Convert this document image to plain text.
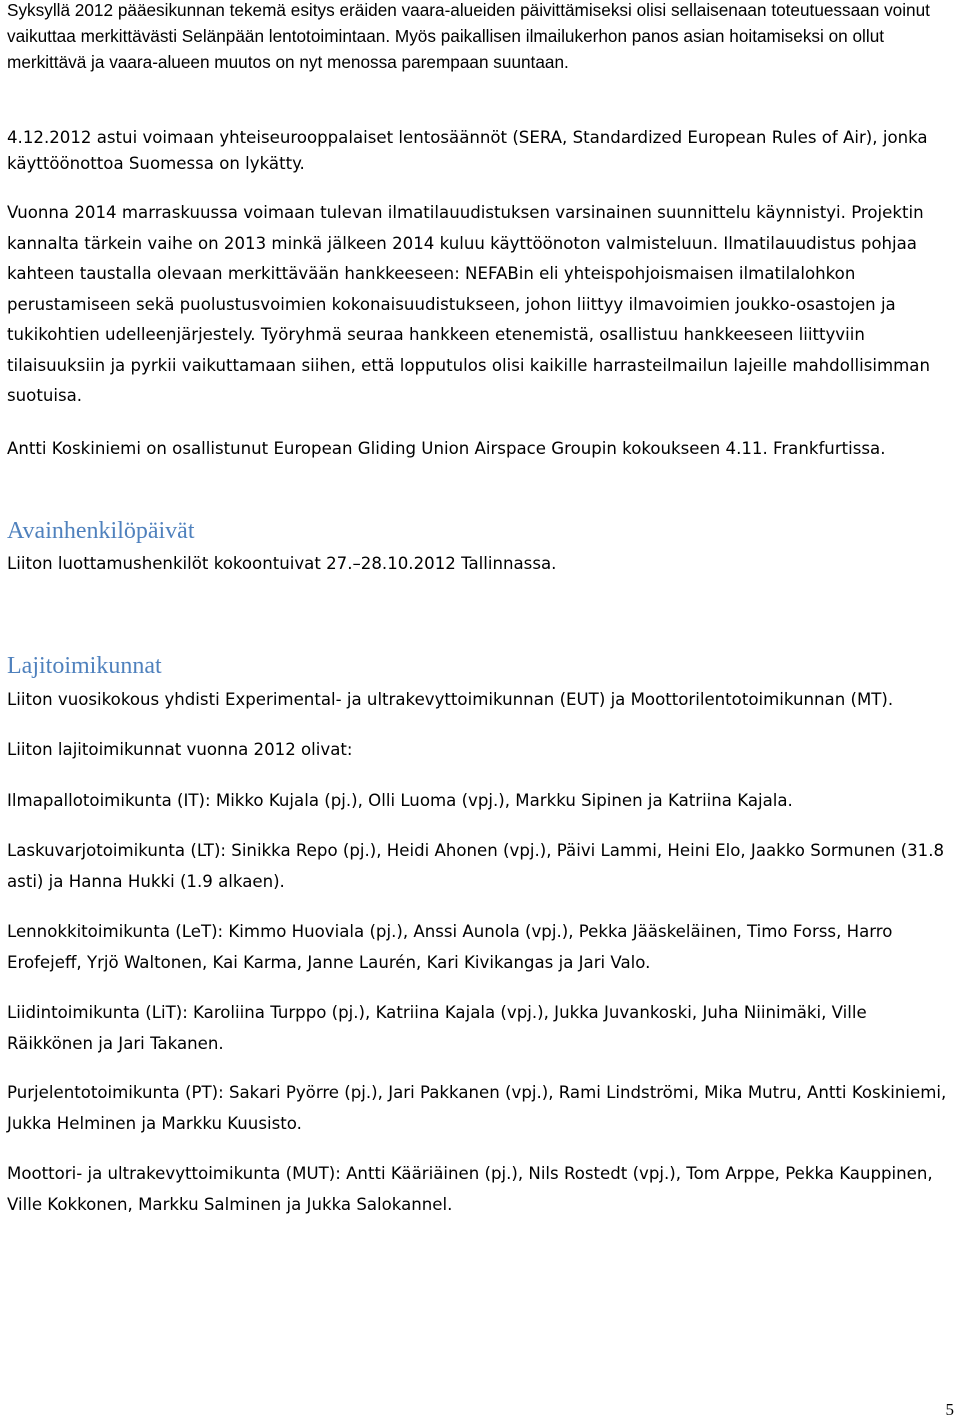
Syksyllä 2012 pääesikunnan tekemä esitys eräiden vaara-alueiden päivittämiseksi olisi sellaisenaan toteutuessaan voinut vaikuttaa merkittävästi Selänpään lentotoimintaan. Myös paikallisen ilmailukerhon panos asian hoitamiseksi on ollut merkittävä ja vaara-alueen muutos on nyt menossa parempaan suuntaan.

4.12.2012 astui voimaan yhteiseurooppalaiset lentosäännöt (SERA, Standardized European Rules of Air), jonka käyttöönottoa Suomessa on lykätty.

Vuonna 2014 marraskuussa voimaan tulevan ilmatilauudistuksen varsinainen suunnittelu käynnistyi. Projektin kannalta tärkein vaihe on 2013 minkä jälkeen 2014 kuluu käyttöönoton valmisteluun. Ilmatilauudistus pohjaa kahteen taustalla olevaan merkittävään hankkeeseen: NEFABin eli yhteispohjoismaisen ilmatilalohkon perustamiseen sekä puolustusvoimien kokonaisuudistukseen, johon liittyy ilmavoimien joukko-osastojen ja tukikohtien udelleenjärjestely. Työryhmä seuraa hankkeen etenemistä, osallistuu hankkeeseen liittyviin tilaisuuksiin ja pyrkii vaikuttamaan siihen, että lopputulos olisi kaikille harrasteilmailun lajeille mahdollisimman suotuisa.

Antti Koskiniemi on osallistunut European Gliding Union Airspace Groupin kokoukseen 4.11. Frankfurtissa.

Avainhenkilöpäivät

Liiton luottamushenkilöt kokoontuivat 27.–28.10.2012 Tallinnassa.

Lajitoimikunnat

Liiton vuosikokous yhdisti Experimental- ja ultrakevyttoimikunnan (EUT) ja Moottorilentotoimikunnan (MT).

Liiton lajitoimikunnat vuonna 2012 olivat:

Ilmapallotoimikunta (IT): Mikko Kujala (pj.), Olli Luoma (vpj.), Markku Sipinen ja Katriina Kajala.

Laskuvarjotoimikunta (LT): Sinikka Repo (pj.), Heidi Ahonen (vpj.), Päivi Lammi, Heini Elo, Jaakko Sormunen (31.8 asti) ja Hanna Hukki (1.9 alkaen).

Lennokkitoimikunta (LeT): Kimmo Huoviala (pj.), Anssi Aunola (vpj.), Pekka Jääskeläinen, Timo Forss, Harro Erofejeff, Yrjö Waltonen, Kai Karma, Janne Laurén, Kari Kivikangas ja Jari Valo.

Liidintoimikunta (LiT): Karoliina Turppo (pj.), Katriina Kajala (vpj.), Jukka Juvankoski, Juha Niinimäki, Ville Räikkönen ja Jari Takanen.

Purjelentotoimikunta (PT): Sakari Pyörre (pj.), Jari Pakkanen (vpj.), Rami Lindströmi, Mika Mutru, Antti Koskiniemi, Jukka Helminen ja Markku Kuusisto.

Moottori- ja ultrakevyttoimikunta (MUT): Antti Kääriäinen (pj.), Nils Rostedt (vpj.), Tom Arppe, Pekka Kauppinen, Ville Kokkonen, Markku Salminen ja Jukka Salokannel.

5
